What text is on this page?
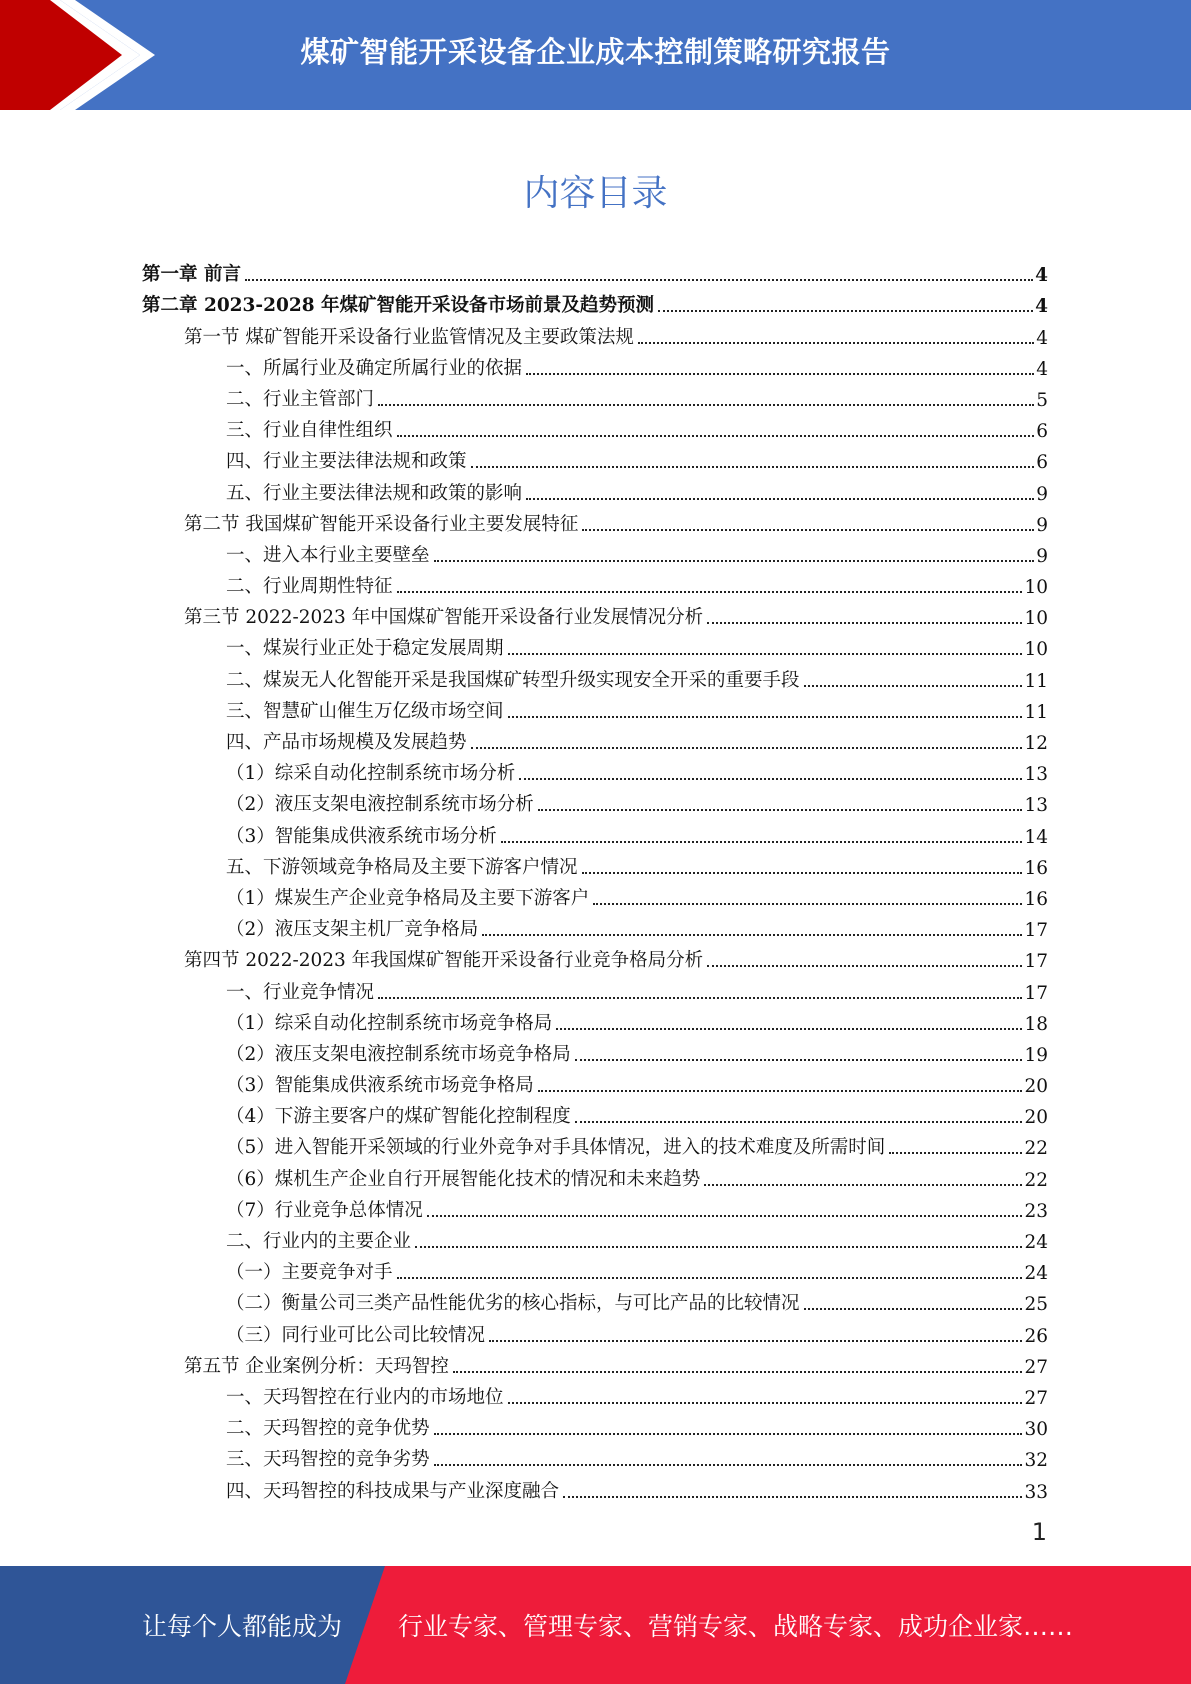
煤矿智能开采设备企业成本控制策略研究报告
内容目录
第一章 前言	4
第二章 2023-2028 年煤矿智能开采设备市场前景及趋势预测	4
第一节 煤矿智能开采设备行业监管情况及主要政策法规	4
一、所属行业及确定所属行业的依据	4
二、行业主管部门	5
三、行业自律性组织	6
四、行业主要法律法规和政策	6
五、行业主要法律法规和政策的影响	9
第二节 我国煤矿智能开采设备行业主要发展特征	9
一、进入本行业主要壁垒	9
二、行业周期性特征	10
第三节 2022-2023 年中国煤矿智能开采设备行业发展情况分析	10
一、煤炭行业正处于稳定发展周期	10
二、煤炭无人化智能开采是我国煤矿转型升级实现安全开采的重要手段	11
三、智慧矿山催生万亿级市场空间	11
四、产品市场规模及发展趋势	12
（1）综采自动化控制系统市场分析	13
（2）液压支架电液控制系统市场分析	13
（3）智能集成供液系统市场分析	14
五、下游领域竞争格局及主要下游客户情况	16
（1）煤炭生产企业竞争格局及主要下游客户	16
（2）液压支架主机厂竞争格局	17
第四节 2022-2023 年我国煤矿智能开采设备行业竞争格局分析	17
一、行业竞争情况	17
（1）综采自动化控制系统市场竞争格局	18
（2）液压支架电液控制系统市场竞争格局	19
（3）智能集成供液系统市场竞争格局	20
（4）下游主要客户的煤矿智能化控制程度	20
（5）进入智能开采领域的行业外竞争对手具体情况，进入的技术难度及所需时间	22
（6）煤机生产企业自行开展智能化技术的情况和未来趋势	22
（7）行业竞争总体情况	23
二、行业内的主要企业	24
（一）主要竞争对手	24
（二）衡量公司三类产品性能优劣的核心指标，与可比产品的比较情况	25
（三）同行业可比公司比较情况	26
第五节 企业案例分析：天玛智控	27
一、天玛智控在行业内的市场地位	27
二、天玛智控的竞争优势	30
三、天玛智控的竞争劣势	32
四、天玛智控的科技成果与产业深度融合	33
1
让每个人都能成为 行业专家、管理专家、营销专家、战略专家、成功企业家……
